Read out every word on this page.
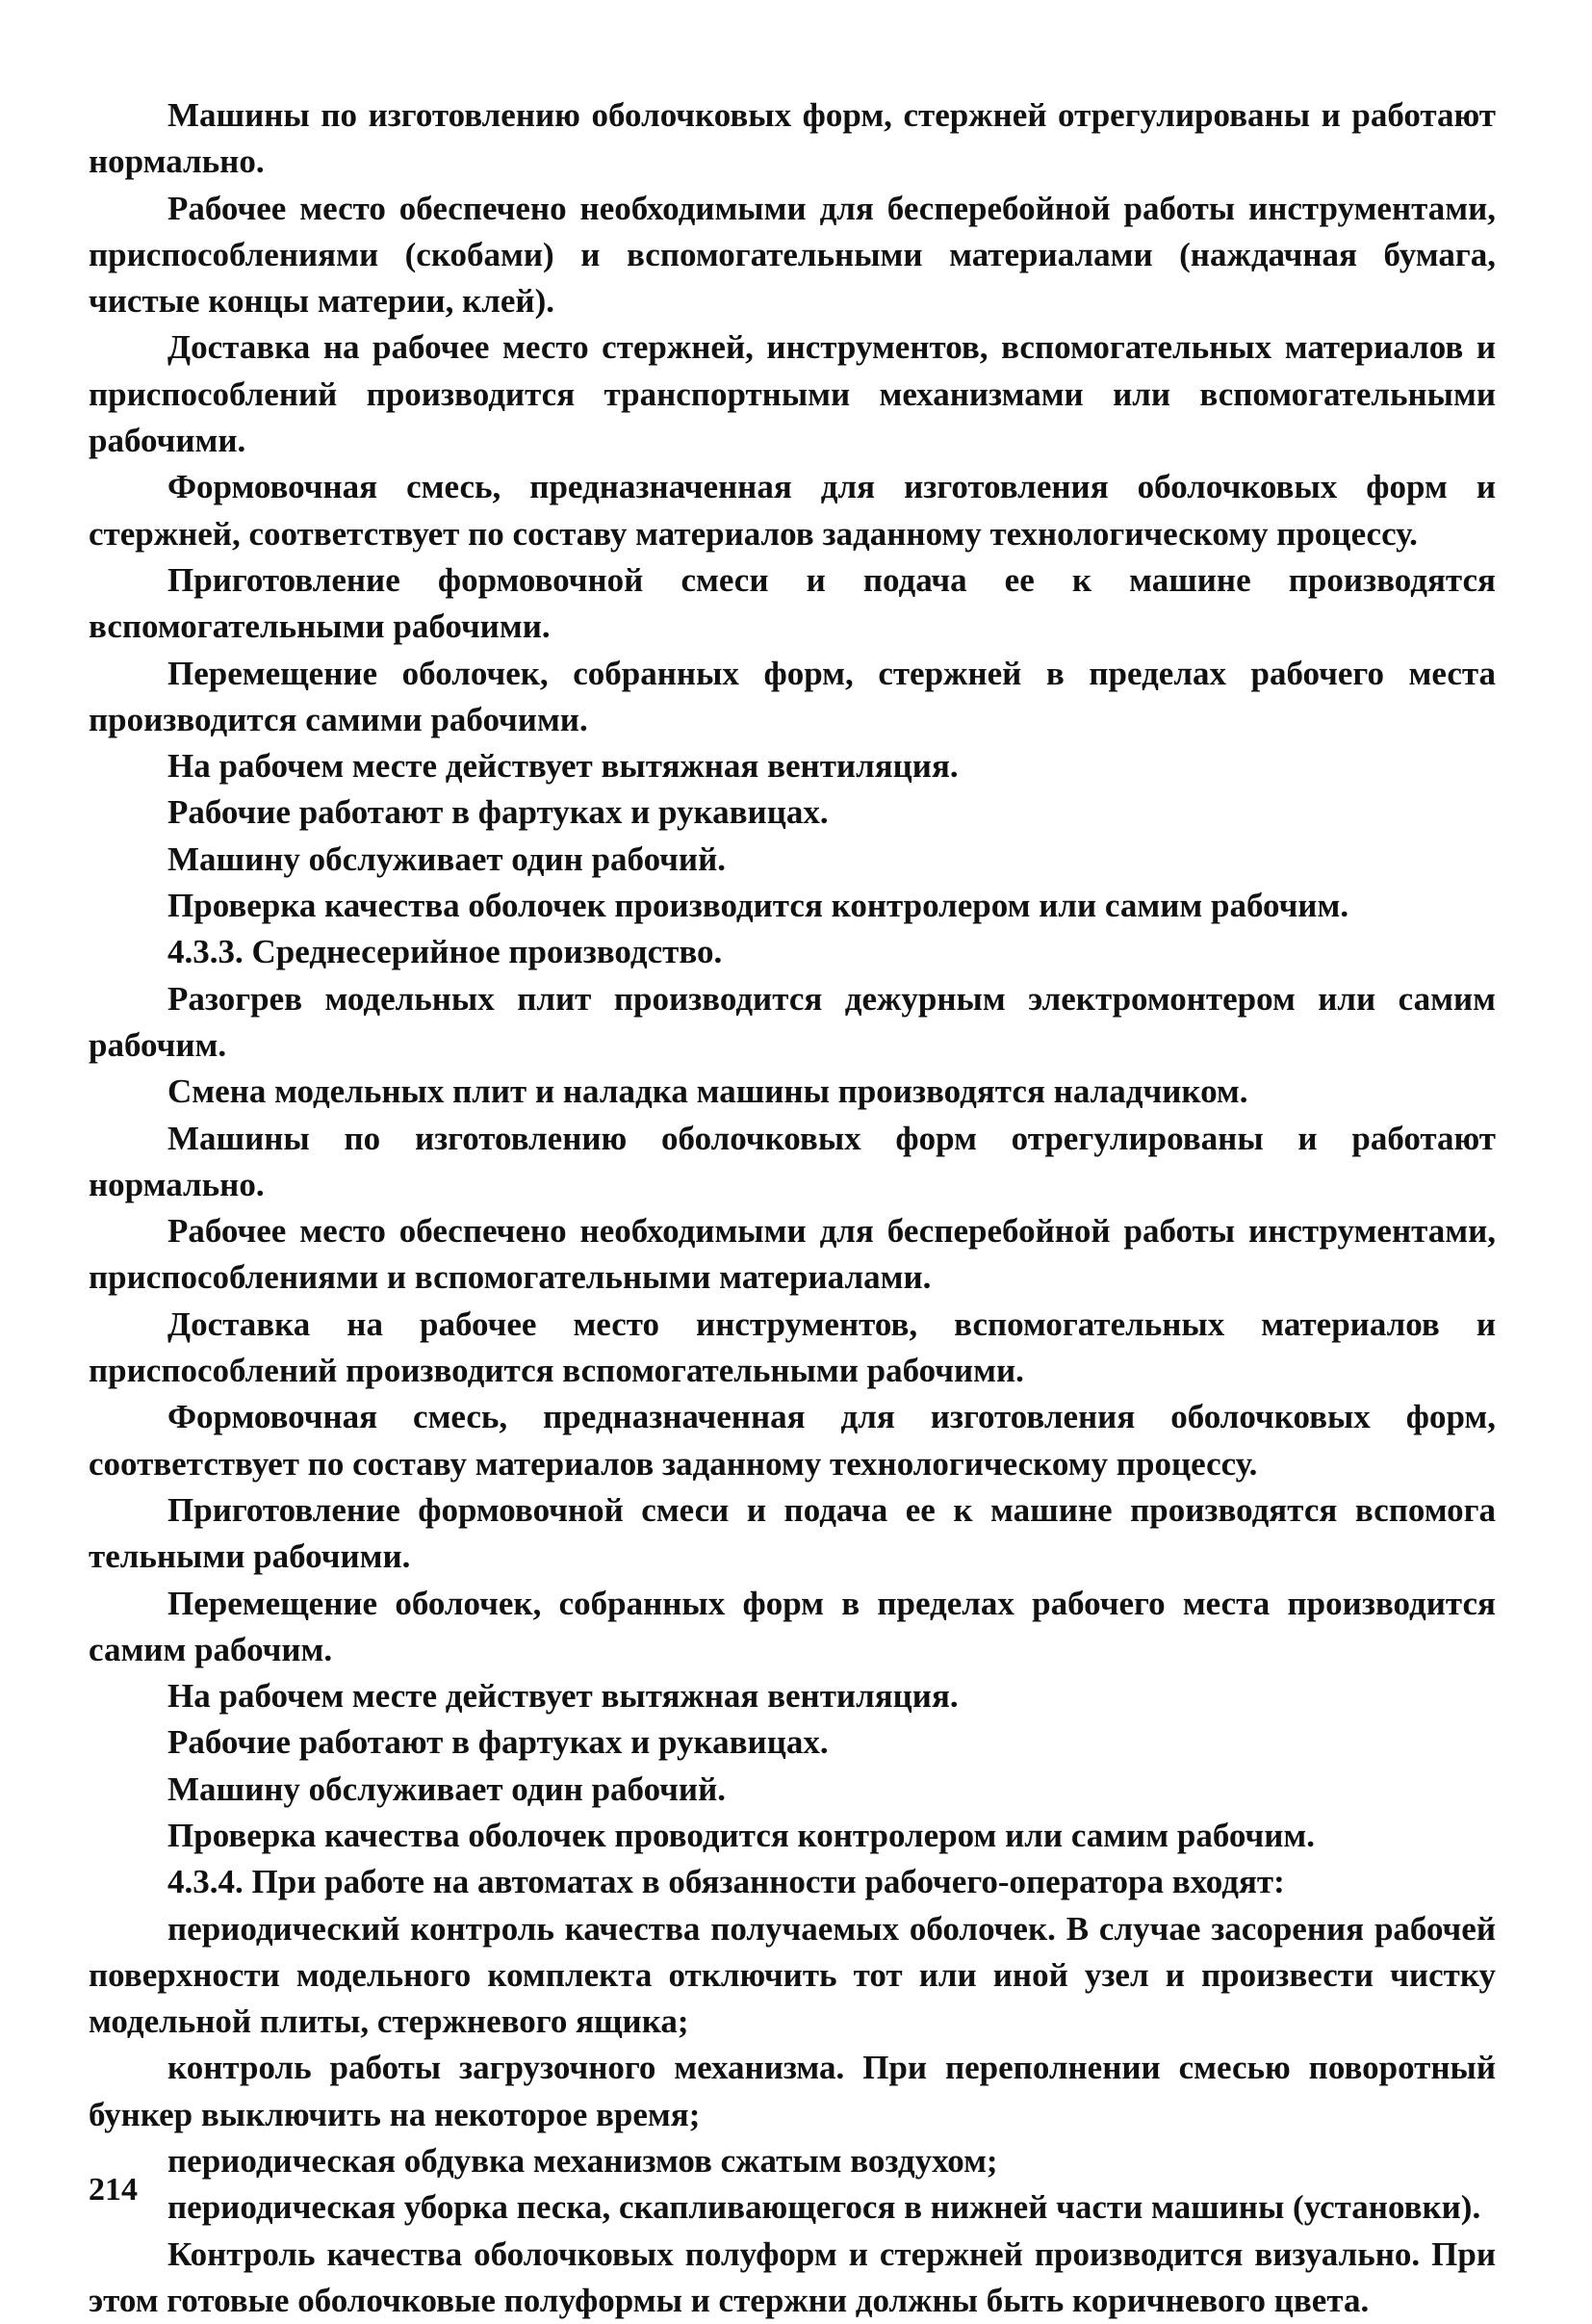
Машины по изготовлению оболочковых форм, стержней отрегулированы и работают нормально.

Рабочее место обеспечено необходимыми для бесперебойной работы инструментами, приспособлениями (скобами) и вспомогательными материалами (наждачная бумага, чистые концы материи, клей).

Доставка на рабочее место стержней, инструментов, вспомогательных материалов и приспособлений производится транспортными механизмами или вспомогательными рабочими.

Формовочная смесь, предназначенная для изготовления оболочковых форм и стержней, соответствует по составу материалов заданному технологическому процессу.

Приготовление формовочной смеси и подача ее к машине производятся вспомогательными рабочими.

Перемещение оболочек, собранных форм, стержней в пределах рабочего места производится самими рабочими.

На рабочем месте действует вытяжная вентиляция.

Рабочие работают в фартуках и рукавицах.

Машину обслуживает один рабочий.

Проверка качества оболочек производится контролером или самим рабочим.

4.3.3. Среднесерийное производство.

Разогрев модельных плит производится дежурным электромонтером или самим рабочим.

Смена модельных плит и наладка машины производятся наладчиком.

Машины по изготовлению оболочковых форм отрегулированы и работают нормально.

Рабочее место обеспечено необходимыми для бесперебойной работы инструментами, приспособлениями и вспомогательными материалами.

Доставка на рабочее место инструментов, вспомогательных материалов и приспособлений производится вспомогательными рабочими.

Формовочная смесь, предназначенная для изготовления оболочковых форм, соответствует по составу материалов заданному технологическому процессу.

Приготовление формовочной смеси и подача ее к машине производятся вспомога тельными рабочими.

Перемещение оболочек, собранных форм в пределах рабочего места производится самим рабочим.

На рабочем месте действует вытяжная вентиляция.

Рабочие работают в фартуках и рукавицах.

Машину обслуживает один рабочий.

Проверка качества оболочек проводится контролером или самим рабочим.

4.3.4. При работе на автоматах в обязанности рабочего-оператора входят:

периодический контроль качества получаемых оболочек. В случае засорения рабочей поверхности модельного комплекта отключить тот или иной узел и произвести чистку модельной плиты, стержневого ящика;

контроль работы загрузочного механизма. При переполнении смесью поворотный бункер выключить на некоторое время;

периодическая обдувка механизмов сжатым воздухом;

периодическая уборка песка, скапливающегося в нижней части машины (установки).

Контроль качества оболочковых полуформ и стержней производится визуально. При этом готовые оболочковые полуформы и стержни должны быть коричневого цвета.

214
